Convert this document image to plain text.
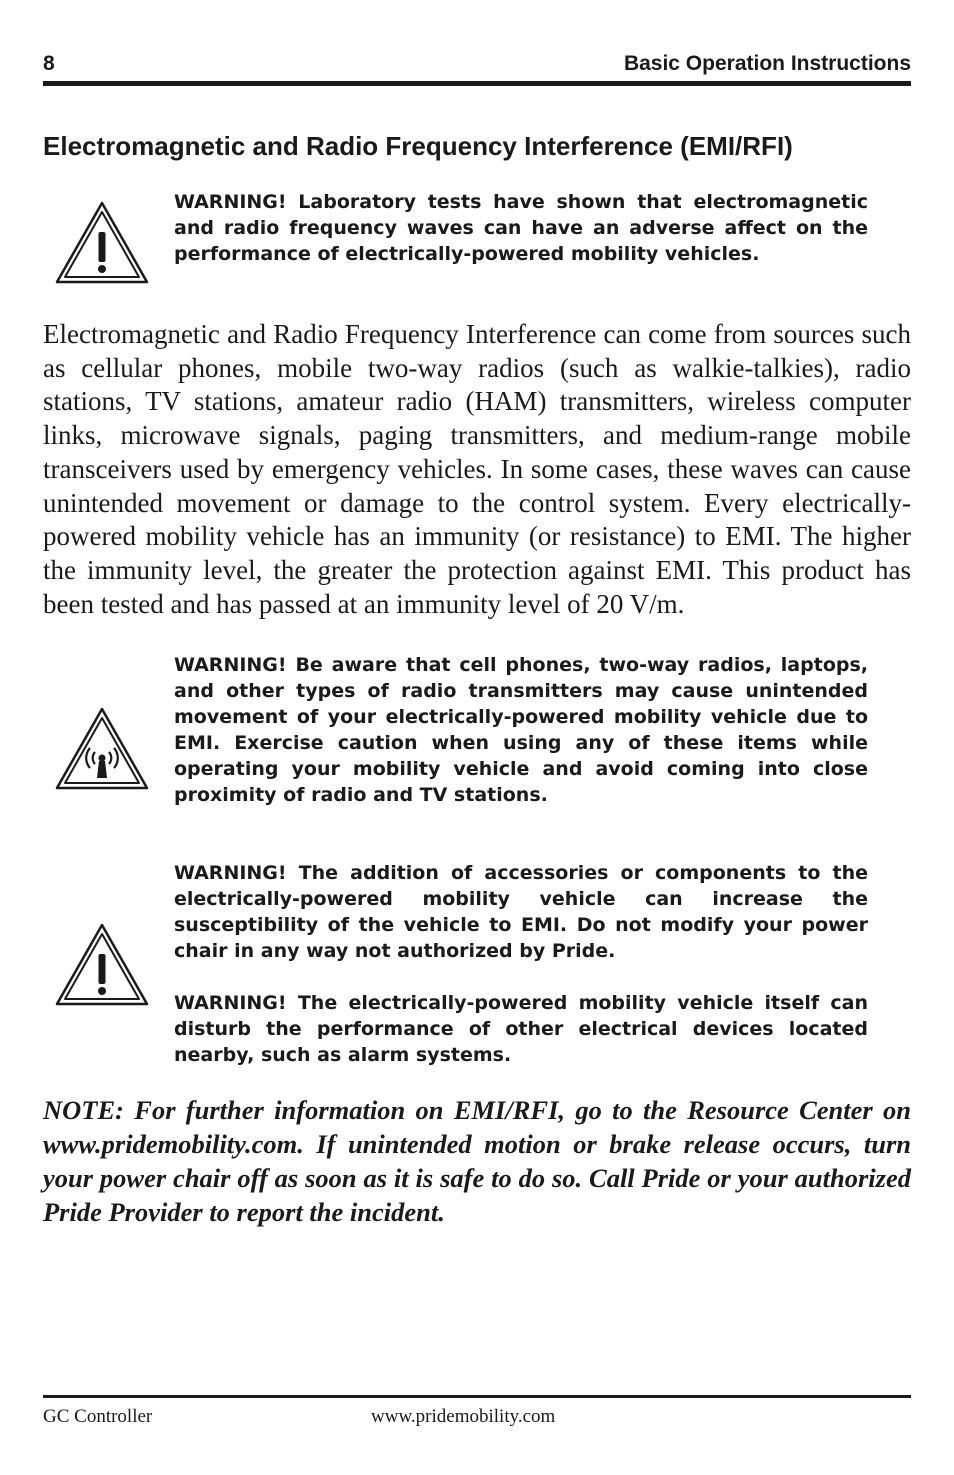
8	Basic Operation Instructions
Electromagnetic and Radio Frequency Interference (EMI/RFI)

WARNING! Laboratory tests have shown that electromagnetic and radio frequency waves can have an adverse affect on the performance of electrically-powered mobility vehicles.

Electromagnetic and Radio Frequency Interference can come from sources such as cellular phones, mobile two-way radios (such as walkie-talkies), radio stations, TV stations, amateur radio (HAM) transmitters, wireless computer links, microwave signals, paging transmitters, and medium-range mobile transceivers used by emergency vehicles. In some cases, these waves can cause unintended movement or damage to the control system. Every electrically-powered mobility vehicle has an immunity (or resistance) to EMI. The higher the immunity level, the greater the protection against EMI. This product has been tested and has passed at an immunity level of 20 V/m.

WARNING! Be aware that cell phones, two-way radios, laptops, and other types of radio transmitters may cause unintended movement of your electrically-powered mobility vehicle due to EMI. Exercise caution when using any of these items while operating your mobility vehicle and avoid coming into close proximity of radio and TV stations.

WARNING! The addition of accessories or components to the electrically-powered mobility vehicle can increase the susceptibility of the vehicle to EMI. Do not modify your power chair in any way not authorized by Pride.

WARNING! The electrically-powered mobility vehicle itself can disturb the performance of other electrical devices located nearby, such as alarm systems.

NOTE: For further information on EMI/RFI, go to the Resource Center on www.pridemobility.com. If unintended motion or brake release occurs, turn your power chair off as soon as it is safe to do so. Call Pride or your authorized Pride Provider to report the incident.

GC Controller	www.pridemobility.com
